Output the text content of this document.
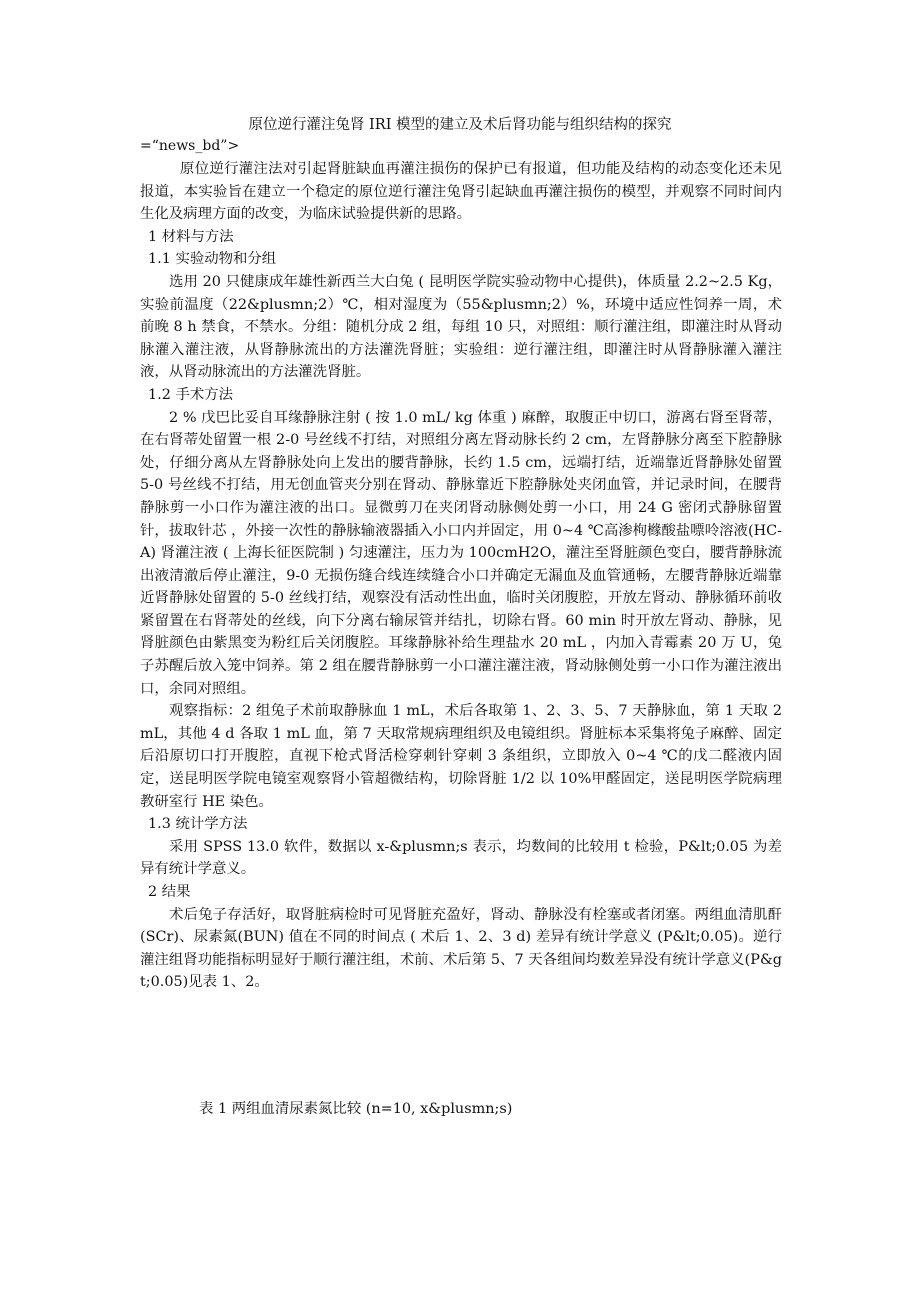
原位逆行灌注兔肾 IRI 模型的建立及术后肾功能与组织结构的探究

=“news_bd”>

原位逆行灌注法对引起肾脏缺血再灌注损伤的保护已有报道，但功能及结构的动态变化还未见报道，本实验旨在建立一个稳定的原位逆行灌注兔肾引起缺血再灌注损伤的模型，并观察不同时间内生化及病理方面的改变，为临床试验提供新的思路。

1 材料与方法

1.1 实验动物和分组

选用 20 只健康成年雄性新西兰大白兔 ( 昆明医学院实验动物中心提供)，体质量 2.2~2.5 Kg，实验前温度（22&plusmn;2）℃，相对湿度为（55&plusmn;2）%，环境中适应性饲养一周，术前晚 8 h 禁食，不禁水。分组：随机分成 2 组，每组 10 只，对照组：顺行灌注组，即灌注时从肾动脉灌入灌注液，从肾静脉流出的方法灌洗肾脏；实验组：逆行灌注组，即灌注时从肾静脉灌入灌注液，从肾动脉流出的方法灌洗肾脏。

1.2 手术方法

2 % 戊巴比妥自耳缘静脉注射 ( 按 1.0 mL/ kg 体重 ) 麻醉，取腹正中切口，游离右肾至肾蒂，在右肾蒂处留置一根 2-0 号丝线不打结，对照组分离左肾动脉长约 2 cm，左肾静脉分离至下腔静脉处，仔细分离从左肾静脉处向上发出的腰背静脉，长约 1.5 cm，远端打结，近端靠近肾静脉处留置 5-0 号丝线不打结，用无创血管夹分别在肾动、静脉靠近下腔静脉处夹闭血管，并记录时间，在腰背静脉剪一小口作为灌注液的出口。显微剪刀在夹闭肾动脉侧处剪一小口，用 24 G 密闭式静脉留置针，拔取针芯 ，外接一次性的静脉输液器插入小口内并固定，用 0~4 ℃高渗枸橼酸盐嘌呤溶液(HC-A) 肾灌注液 ( 上海长征医院制 ) 匀速灌注，压力为 100cmH2O，灌注至肾脏颜色变白，腰背静脉流出液清澈后停止灌注，9-0 无损伤缝合线连续缝合小口并确定无漏血及血管通畅，左腰背静脉近端靠近肾静脉处留置的 5-0 丝线打结，观察没有活动性出血，临时关闭腹腔，开放左肾动、静脉循环前收紧留置在右肾蒂处的丝线，向下分离右输尿管并结扎，切除右肾。60 min 时开放左肾动、静脉，见肾脏颜色由紫黑变为粉红后关闭腹腔。耳缘静脉补给生理盐水 20 mL ，内加入青霉素 20 万 U，兔子苏醒后放入笼中饲养。第 2 组在腰背静脉剪一小口灌注灌注液，肾动脉侧处剪一小口作为灌注液出口，余同对照组。

观察指标：2 组兔子术前取静脉血 1 mL，术后各取第 1、2、3、5、7 天静脉血，第 1 天取 2 mL，其他 4 d 各取 1 mL 血，第 7 天取常规病理组织及电镜组织。肾脏标本采集将兔子麻醉、固定后沿原切口打开腹腔，直视下枪式肾活检穿刺针穿刺 3 条组织，立即放入 0~4 ℃的戊二醛液内固定，送昆明医学院电镜室观察肾小管超微结构，切除肾脏 1/2 以 10%甲醛固定，送昆明医学院病理教研室行 HE 染色。

1.3 统计学方法

采用 SPSS 13.0 软件，数据以 x-&plusmn;s 表示，均数间的比较用 t 检验，P&lt;0.05 为差异有统计学意义。

2 结果

术后兔子存活好，取肾脏病检时可见肾脏充盈好，肾动、静脉没有栓塞或者闭塞。两组血清肌酐 (SCr)、尿素氮(BUN) 值在不同的时间点 ( 术后 1、2、3 d) 差异有统计学意义 (P&lt;0.05)。逆行灌注组肾功能指标明显好于顺行灌注组，术前、术后第 5、7 天各组间均数差异没有统计学意义(P&gt;0.05)见表 1、2。

表 1 两组血清尿素氮比较 (n=10, x&plusmn;s)
